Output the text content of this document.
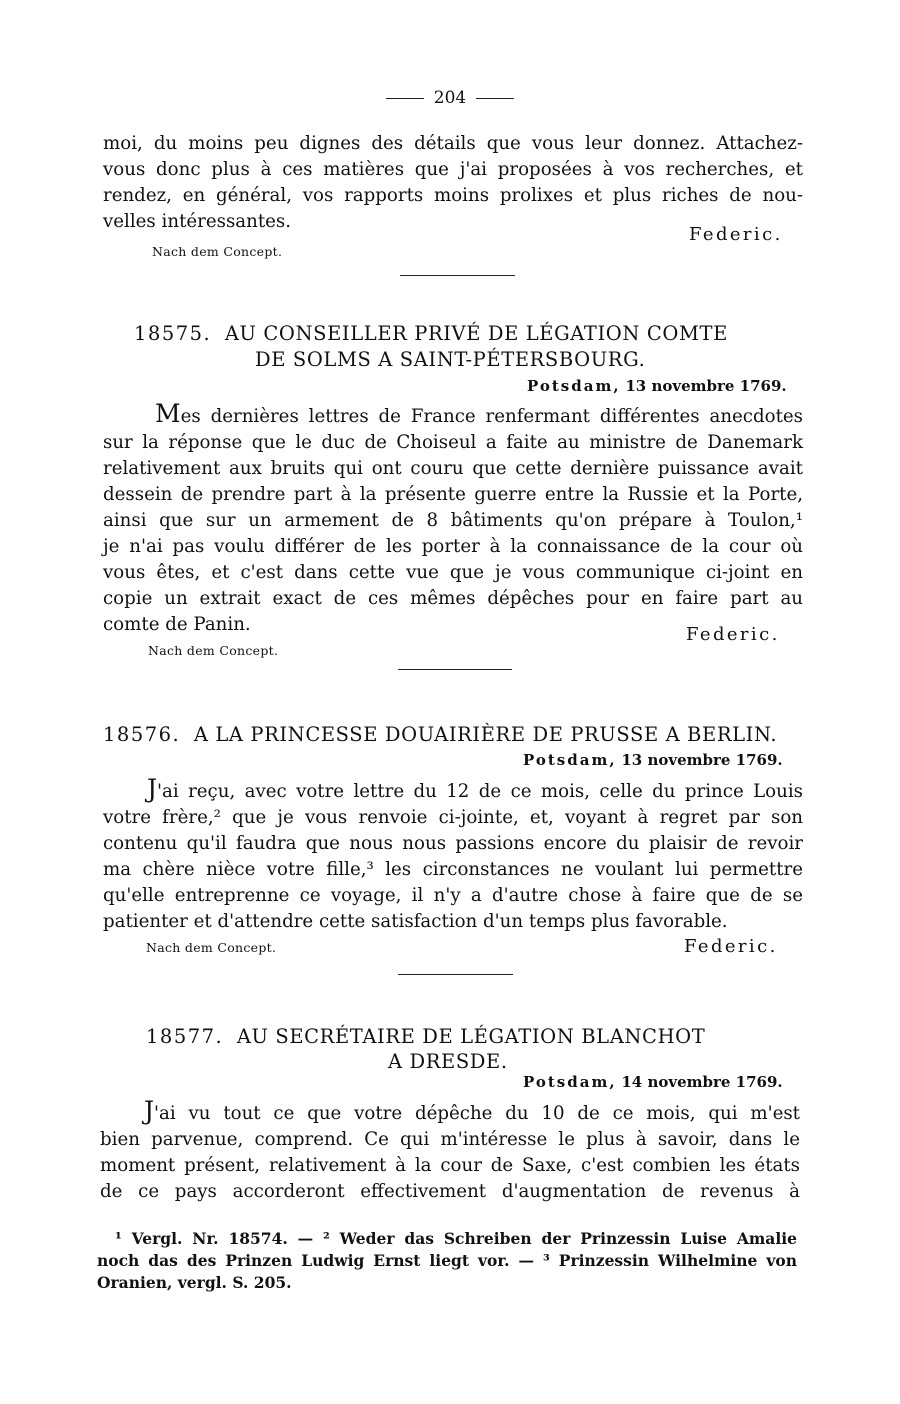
204
moi, du moins peu dignes des détails que vous leur donnez. Attachez-
vous donc plus à ces matières que j'ai proposées à vos recherches, et
rendez, en général, vos rapports moins prolixes et plus riches de nou-
velles intéressantes.
Federic.
Nach dem Concept.
18575. AU CONSEILLER PRIVÉ DE LÉGATION COMTE
DE SOLMS A SAINT-PÉTERSBOURG.
Potsdam, 13 novembre 1769.
Mes dernières lettres de France renfermant différentes anecdotes
sur la réponse que le duc de Choiseul a faite au ministre de Danemark
relativement aux bruits qui ont couru que cette dernière puissance avait
dessein de prendre part à la présente guerre entre la Russie et la Porte,
ainsi que sur un armement de 8 bâtiments qu'on prépare à Toulon,¹
je n'ai pas voulu différer de les porter à la connaissance de la cour où
vous êtes, et c'est dans cette vue que je vous communique ci-joint en
copie un extrait exact de ces mêmes dépêches pour en faire part au
comte de Panin.	Federic.
Nach dem Concept.
18576. A LA PRINCESSE DOUAIRIÈRE DE PRUSSE A BERLIN.
Potsdam, 13 novembre 1769.
J'ai reçu, avec votre lettre du 12 de ce mois, celle du prince Louis
votre frère,² que je vous renvoie ci-jointe, et, voyant à regret par son
contenu qu'il faudra que nous nous passions encore du plaisir de revoir
ma chère nièce votre fille,³ les circonstances ne voulant lui permettre
qu'elle entreprenne ce voyage, il n'y a d'autre chose à faire que de se
patienter et d'attendre cette satisfaction d'un temps plus favorable.
Nach dem Concept.	Federic.
18577. AU SECRÉTAIRE DE LÉGATION BLANCHOT
A DRESDE.
Potsdam, 14 novembre 1769.
J'ai vu tout ce que votre dépêche du 10 de ce mois, qui m'est
bien parvenue, comprend. Ce qui m'intéresse le plus à savoir, dans le
moment présent, relativement à la cour de Saxe, c'est combien les états
de ce pays accorderont effectivement d'augmentation de revenus à
¹ Vergl. Nr. 18574. — ² Weder das Schreiben der Prinzessin Luise Amalie
noch das des Prinzen Ludwig Ernst liegt vor. — ³ Prinzessin Wilhelmine von
Oranien, vergl. S. 205.
